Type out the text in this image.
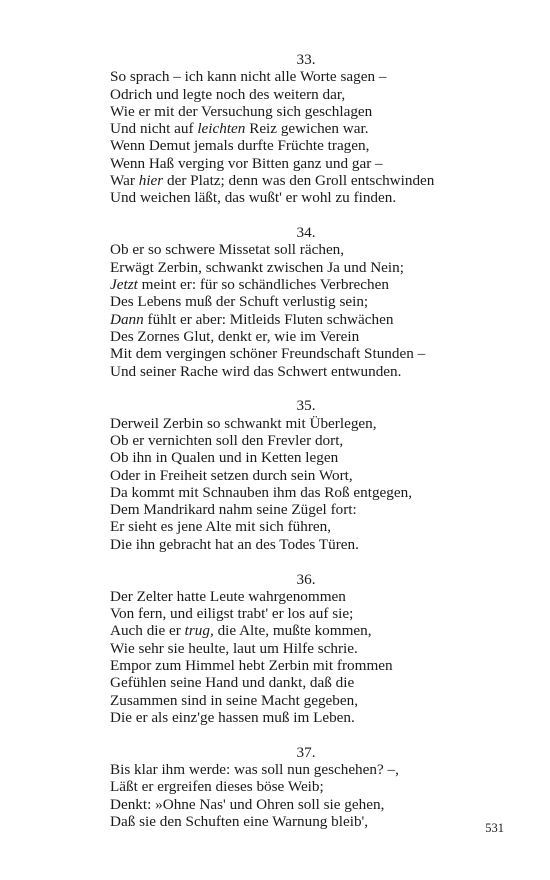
33.
So sprach – ich kann nicht alle Worte sagen –
Odrich und legte noch des weitern dar,
Wie er mit der Versuchung sich geschlagen
Und nicht auf leichten Reiz gewichen war.
Wenn Demut jemals durfte Früchte tragen,
Wenn Haß verging vor Bitten ganz und gar –
War hier der Platz; denn was den Groll entschwinden
Und weichen läßt, das wußt' er wohl zu finden.
34.
Ob er so schwere Missetat soll rächen,
Erwägt Zerbin, schwankt zwischen Ja und Nein;
Jetzt meint er: für so schändliches Verbrechen
Des Lebens muß der Schuft verlustig sein;
Dann fühlt er aber: Mitleids Fluten schwächen
Des Zornes Glut, denkt er, wie im Verein
Mit dem vergingen schöner Freundschaft Stunden –
Und seiner Rache wird das Schwert entwunden.
35.
Derweil Zerbin so schwankt mit Überlegen,
Ob er vernichten soll den Frevler dort,
Ob ihn in Qualen und in Ketten legen
Oder in Freiheit setzen durch sein Wort,
Da kommt mit Schnauben ihm das Roß entgegen,
Dem Mandrikard nahm seine Zügel fort:
Er sieht es jene Alte mit sich führen,
Die ihn gebracht hat an des Todes Türen.
36.
Der Zelter hatte Leute wahrgenommen
Von fern, und eiligst trabt' er los auf sie;
Auch die er trug, die Alte, mußte kommen,
Wie sehr sie heulte, laut um Hilfe schrie.
Empor zum Himmel hebt Zerbin mit frommen
Gefühlen seine Hand und dankt, daß die
Zusammen sind in seine Macht gegeben,
Die er als einz'ge hassen muß im Leben.
37.
Bis klar ihm werde: was soll nun geschehen? –,
Läßt er ergreifen dieses böse Weib;
Denkt: »Ohne Nas' und Ohren soll sie gehen,
Daß sie den Schuften eine Warnung bleib',	531
